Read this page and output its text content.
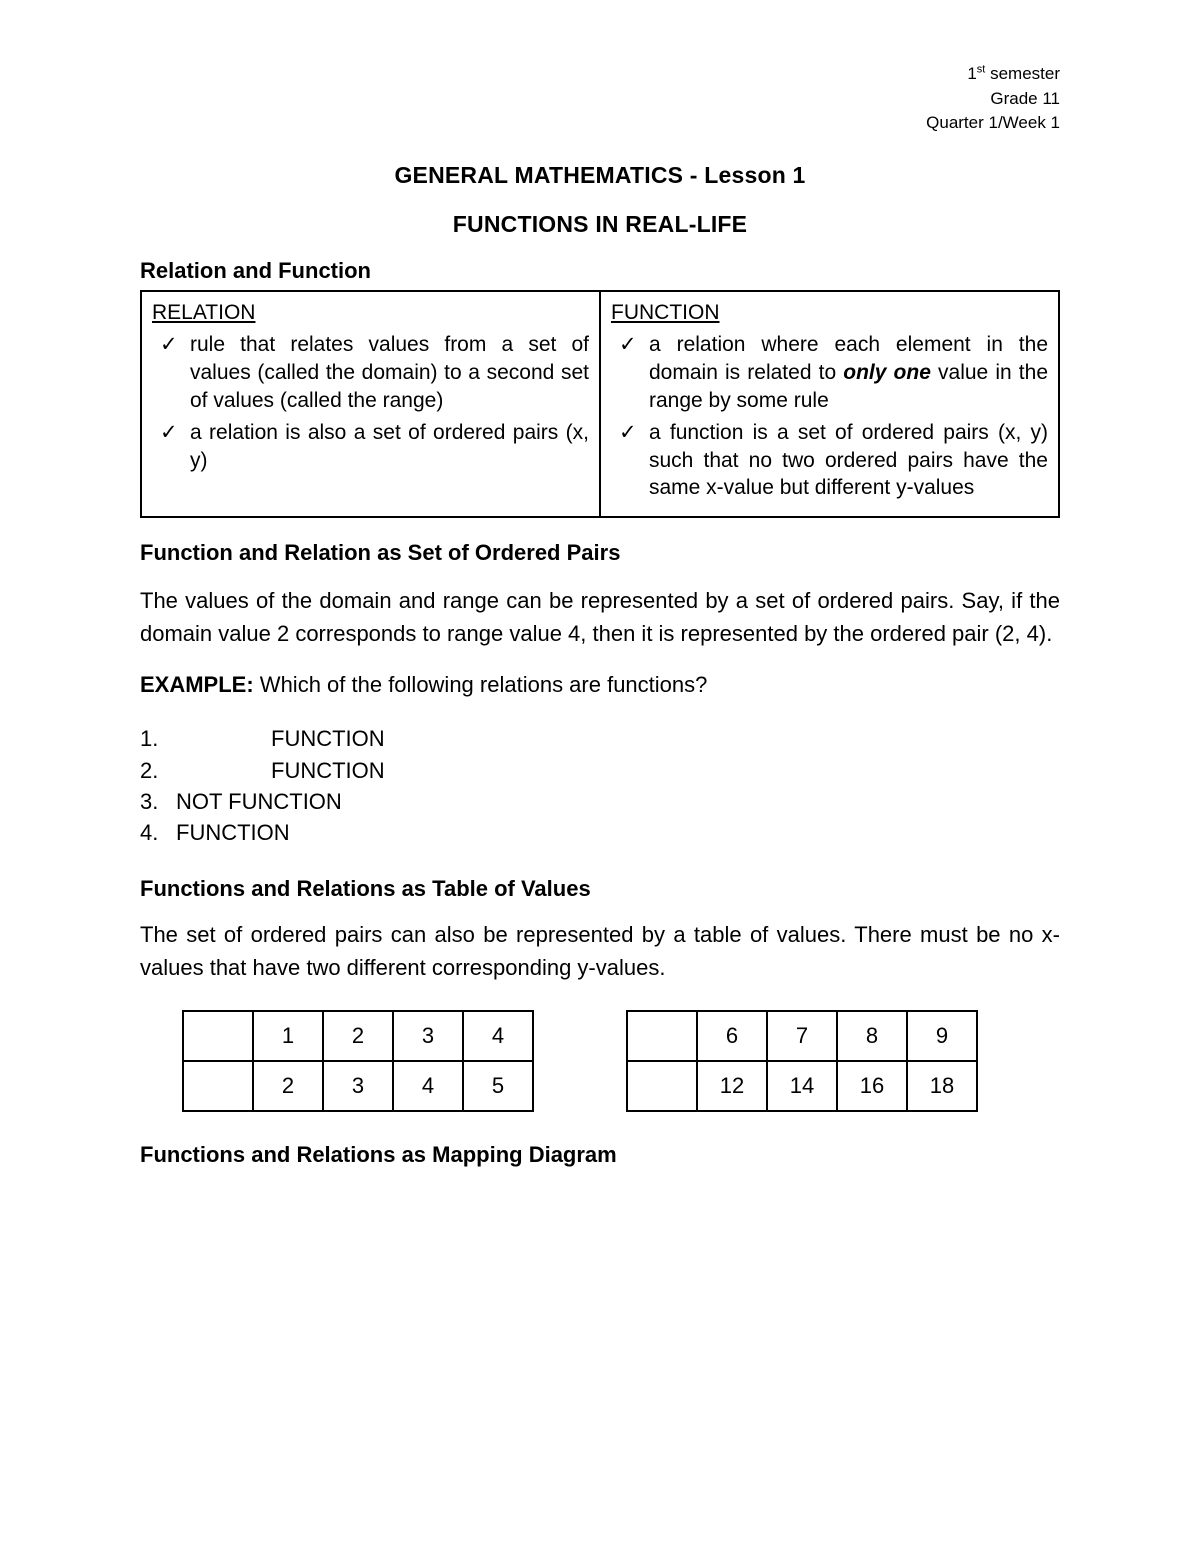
1st semester
Grade 11
Quarter 1/Week 1
GENERAL MATHEMATICS - Lesson 1
FUNCTIONS IN REAL-LIFE
Relation and Function
RELATION
✓ rule that relates values from a set of values (called the domain) to a second set of values (called the range)
✓ a relation is also a set of ordered pairs (x, y)

FUNCTION
✓ a relation where each element in the domain is related to only one value in the range by some rule
✓ a function is a set of ordered pairs (x, y) such that no two ordered pairs have the same x-value but different y-values
Function and Relation as Set of Ordered Pairs

The values of the domain and range can be represented by a set of ordered pairs. Say, if the domain value 2 corresponds to range value 4, then it is represented by the ordered pair (2, 4).

EXAMPLE: Which of the following relations are functions?

1.	FUNCTION
2.	FUNCTION
3. NOT FUNCTION
4. FUNCTION
Functions and Relations as Table of Values

The set of ordered pairs can also be represented by a table of values. There must be no x-values that have two different corresponding y-values.

	1	2	3	4
	2	3	4	5
	6	7	8	9
	12	14	16	18
Functions and Relations as Mapping Diagram
